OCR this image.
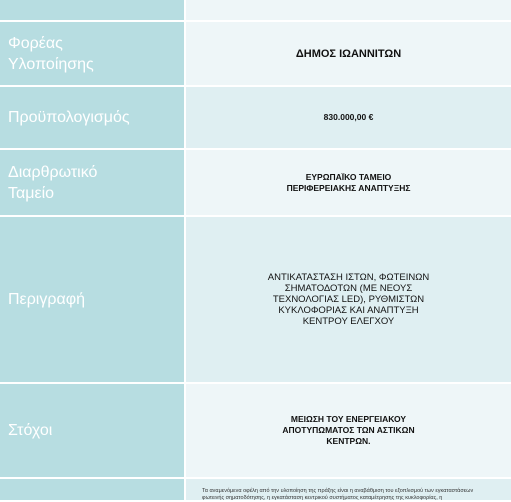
Φορέας
Υλοποίησης
ΔΗΜΟΣ ΙΩΑΝΝΙΤΩΝ
Προϋπολογισμός	830.000,00 €
Διαρθρωτικό
Ταμείο
ΕΥΡΩΠΑΪΚΟ ΤΑΜΕΙΟ
ΠΕΡΙΦΕΡΕΙΑΚΗΣ ΑΝΑΠΤΥΞΗΣ
Περιγραφή
ΑΝΤΙΚΑΤΑΣΤΑΣΗ ΙΣΤΩΝ, ΦΩΤΕΙΝΩΝ
ΣΗΜΑΤΟΔΟΤΩΝ (ΜΕ ΝΕΟΥΣ
ΤΕΧΝΟΛΟΓΙΑΣ LED), ΡΥΘΜΙΣΤΩΝ
ΚΥΚΛΟΦΟΡΙΑΣ ΚΑΙ ΑΝΑΠΤΥΞΗ
ΚΕΝΤΡΟΥ ΕΛΕΓΧΟΥ
Στόχοι
ΜΕΙΩΣΗ ΤΟΥ ΕΝΕΡΓΕΙΑΚΟΥ
ΑΠΟΤΥΠΩΜΑΤΟΣ ΤΩΝ ΑΣΤΙΚΩΝ
ΚΕΝΤΡΩΝ.
Τα αναμενόμενα οφέλη από την υλοποίηση της πράξης είναι η αναβάθμιση του εξοπλισμού των εγκαταστάσεων
φωτεινής σηματοδότησης, η εγκατάσταση κεντρικού συστήματος καταμέτρησης της κυκλοφορίας, η
